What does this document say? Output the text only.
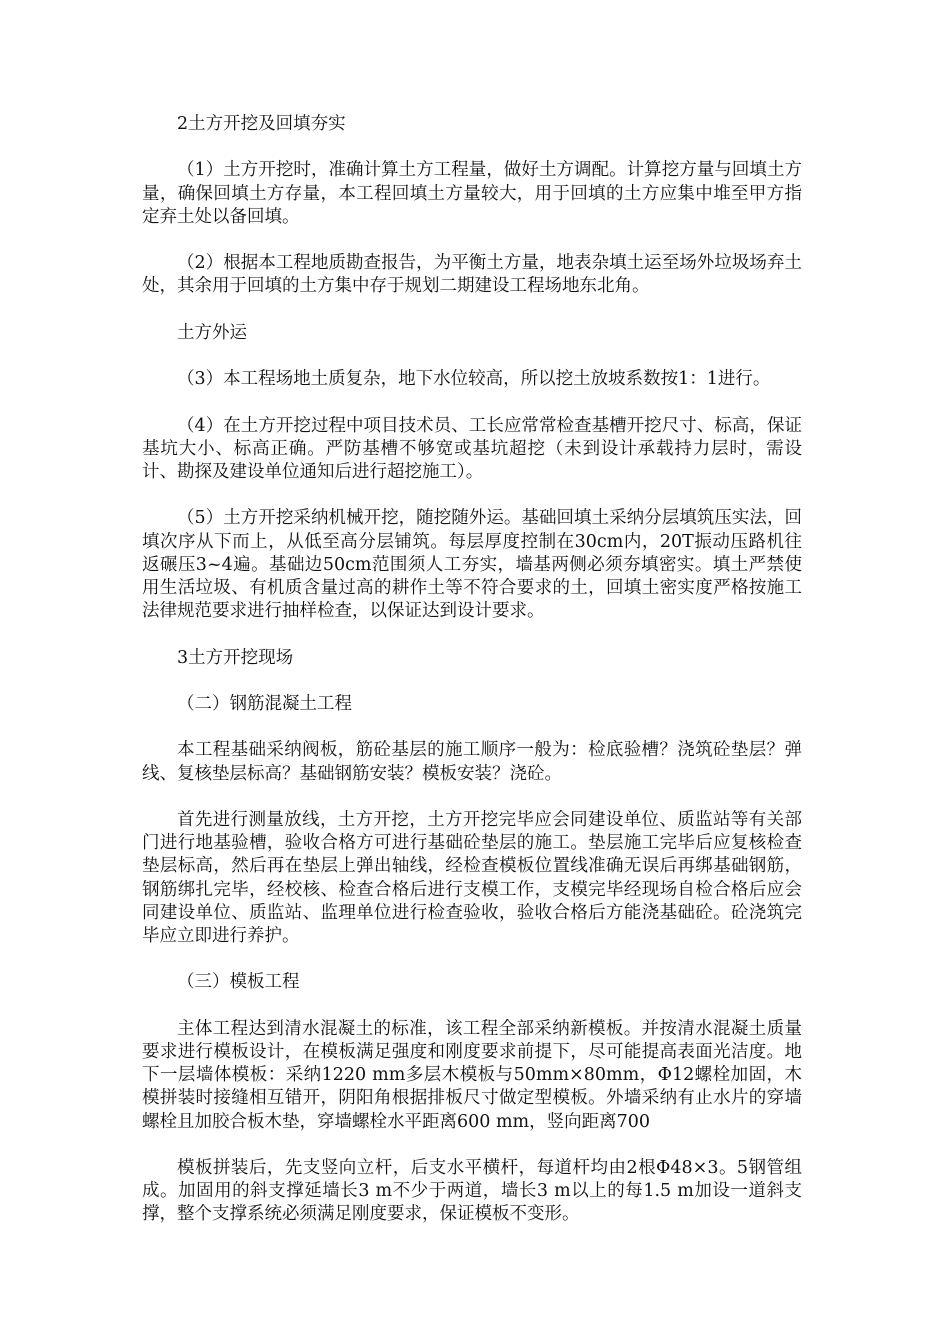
2土方开挖及回填夯实

（1）土方开挖时，准确计算土方工程量，做好土方调配。计算挖方量与回填土方量，确保回填土方存量，本工程回填土方量较大，用于回填的土方应集中堆至甲方指定弃土处以备回填。

（2）根据本工程地质勘查报告，为平衡土方量，地表杂填土运至场外垃圾场弃土处，其余用于回填的土方集中存于规划二期建设工程场地东北角。

土方外运

（3）本工程场地土质复杂，地下水位较高，所以挖土放坡系数按1：1进行。

（4）在土方开挖过程中项目技术员、工长应常常检查基槽开挖尺寸、标高，保证基坑大小、标高正确。严防基槽不够宽或基坑超挖（未到设计承载持力层时，需设计、勘探及建设单位通知后进行超挖施工）。

（5）土方开挖采纳机械开挖，随挖随外运。基础回填土采纳分层填筑压实法，回填次序从下而上，从低至高分层铺筑。每层厚度控制在30cm内，20T振动压路机往返碾压3~4遍。基础边50cm范围须人工夯实，墙基两侧必须夯填密实。填土严禁使用生活垃圾、有机质含量过高的耕作土等不符合要求的土，回填土密实度严格按施工法律规范要求进行抽样检查，以保证达到设计要求。

3土方开挖现场

（二）钢筋混凝土工程

本工程基础采纳阀板，筋砼基层的施工顺序一般为：检底验槽？浇筑砼垫层？弹线、复核垫层标高？基础钢筋安装？模板安装？浇砼。

首先进行测量放线，土方开挖，土方开挖完毕应会同建设单位、质监站等有关部门进行地基验槽，验收合格方可进行基础砼垫层的施工。垫层施工完毕后应复核检查垫层标高，然后再在垫层上弹出轴线，经检查模板位置线准确无误后再绑基础钢筋，钢筋绑扎完毕，经校核、检查合格后进行支模工作，支模完毕经现场自检合格后应会同建设单位、质监站、监理单位进行检查验收，验收合格后方能浇基础砼。砼浇筑完毕应立即进行养护。

（三）模板工程

主体工程达到清水混凝土的标准，该工程全部采纳新模板。并按清水混凝土质量要求进行模板设计，在模板满足强度和刚度要求前提下，尽可能提高表面光洁度。地下一层墙体模板：采纳1220 mm多层木模板与50mm×80mm，Φ12螺栓加固，木模拼装时接缝相互错开，阴阳角根据排板尺寸做定型模板。外墙采纳有止水片的穿墙螺栓且加胶合板木垫，穿墙螺栓水平距离600 mm，竖向距离700

模板拼装后，先支竖向立杆，后支水平横杆，每道杆均由2根Φ48×3。5钢管组成。加固用的斜支撑延墙长3 m不少于两道，墙长3 m以上的每1.5 m加设一道斜支撑，整个支撑系统必须满足刚度要求，保证模板不变形。
